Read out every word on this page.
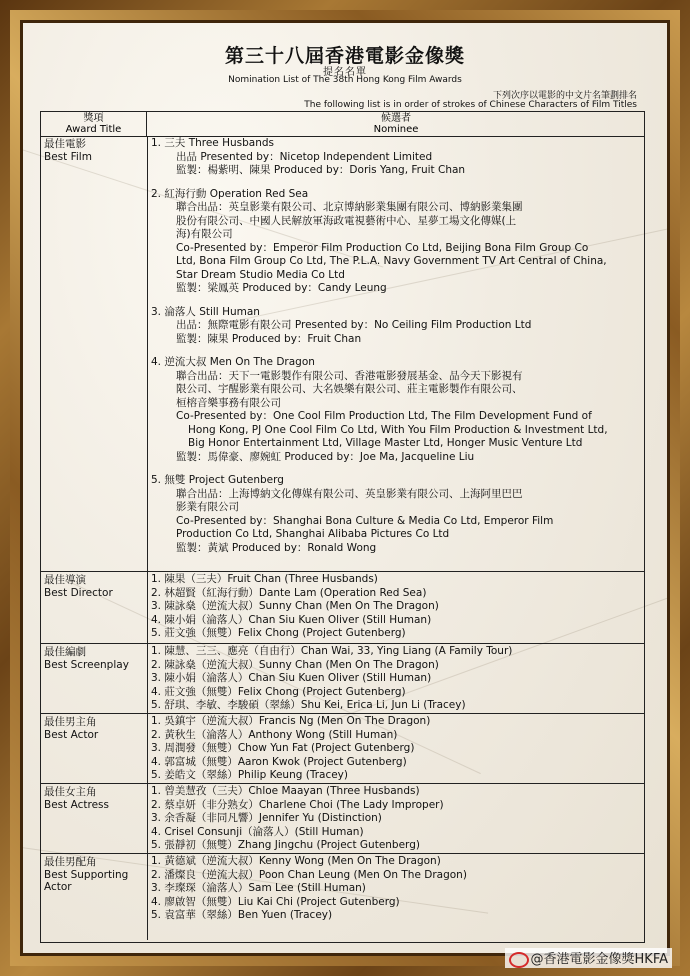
第三十八屆香港電影金像獎
提名名單
Nomination List of The 38th Hong Kong Film Awards
下列次序以電影的中文片名筆劃排名
The following list is in order of strokes of Chinese Characters of Film Titles
獎項
Award Title
候選者
Nominee
最佳電影
Best Film
1. 三夫 Three Husbands
出品 Presented by：Nicetop Independent Limited
監製：楊紫明、陳果 Produced by：Doris Yang, Fruit Chan
2. 紅海行動 Operation Red Sea
聯合出品：英皇影業有限公司、北京博納影業集團有限公司、博納影業集團
股份有限公司、中國人民解放軍海政電視藝術中心、星夢工場文化傳媒(上
海)有限公司
Co-Presented by：Emperor Film Production Co Ltd, Beijing Bona Film Group Co
Ltd, Bona Film Group Co Ltd, The P.L.A. Navy Government TV Art Central of China,
Star Dream Studio Media Co Ltd
監製：梁鳳英 Produced by：Candy Leung
3. 淪落人 Still Human
出品：無際電影有限公司 Presented by：No Ceiling Film Production Ltd
監製：陳果 Produced by：Fruit Chan
4. 逆流大叔 Men On The Dragon
聯合出品：天下一電影製作有限公司、香港電影發展基金、品今天下影視有
限公司、宇醒影業有限公司、大名娛樂有限公司、莊主電影製作有限公司、
桓榕音樂事務有限公司
Co-Presented by：One Cool Film Production Ltd, The Film Development Fund of
Hong Kong, PJ One Cool Film Co Ltd, With You Film Production & Investment Ltd,
Big Honor Entertainment Ltd, Village Master Ltd, Honger Music Venture Ltd
監製：馬偉豪、廖婉虹 Produced by：Joe Ma, Jacqueline Liu
5. 無雙 Project Gutenberg
聯合出品：上海博納文化傳媒有限公司、英皇影業有限公司、上海阿里巴巴
影業有限公司
Co-Presented by：Shanghai Bona Culture & Media Co Ltd, Emperor Film
Production Co Ltd, Shanghai Alibaba Pictures Co Ltd
監製：黃斌 Produced by：Ronald Wong
最佳導演
Best Director
1. 陳果（三夫）Fruit Chan (Three Husbands)
2. 林超賢（紅海行動）Dante Lam (Operation Red Sea)
3. 陳詠燊（逆流大叔）Sunny Chan (Men On The Dragon)
4. 陳小娟（淪落人）Chan Siu Kuen Oliver (Still Human)
5. 莊文強（無雙）Felix Chong (Project Gutenberg)
最佳編劇
Best Screenplay
1. 陳慧、三三、應亮（自由行）Chan Wai, 33, Ying Liang (A Family Tour)
2. 陳詠燊（逆流大叔）Sunny Chan (Men On The Dragon)
3. 陳小娟（淪落人）Chan Siu Kuen Oliver (Still Human)
4. 莊文強（無雙）Felix Chong (Project Gutenberg)
5. 舒琪、李敏、李駿碩（翠絲）Shu Kei, Erica Li, Jun Li (Tracey)
最佳男主角
Best Actor
1. 吳鎮宇（逆流大叔）Francis Ng (Men On The Dragon)
2. 黃秋生（淪落人）Anthony Wong (Still Human)
3. 周潤發（無雙）Chow Yun Fat (Project Gutenberg)
4. 郭富城（無雙）Aaron Kwok (Project Gutenberg)
5. 姜皓文（翠絲）Philip Keung (Tracey)
最佳女主角
Best Actress
1. 曾美慧孜（三夫）Chloe Maayan (Three Husbands)
2. 蔡卓妍（非分熟女）Charlene Choi (The Lady Improper)
3. 余香凝（非同凡響）Jennifer Yu (Distinction)
4. Crisel Consunji（淪落人）(Still Human)
5. 張靜初（無雙）Zhang Jingchu (Project Gutenberg)
最佳男配角
Best Supporting
Actor
1. 黃德斌（逆流大叔）Kenny Wong (Men On The Dragon)
2. 潘燦良（逆流大叔）Poon Chan Leung (Men On The Dragon)
3. 李璨琛（淪落人）Sam Lee (Still Human)
4. 廖啟智（無雙）Liu Kai Chi (Project Gutenberg)
5. 袁富華（翠絲）Ben Yuen (Tracey)
@香港電影金像獎HKFA
